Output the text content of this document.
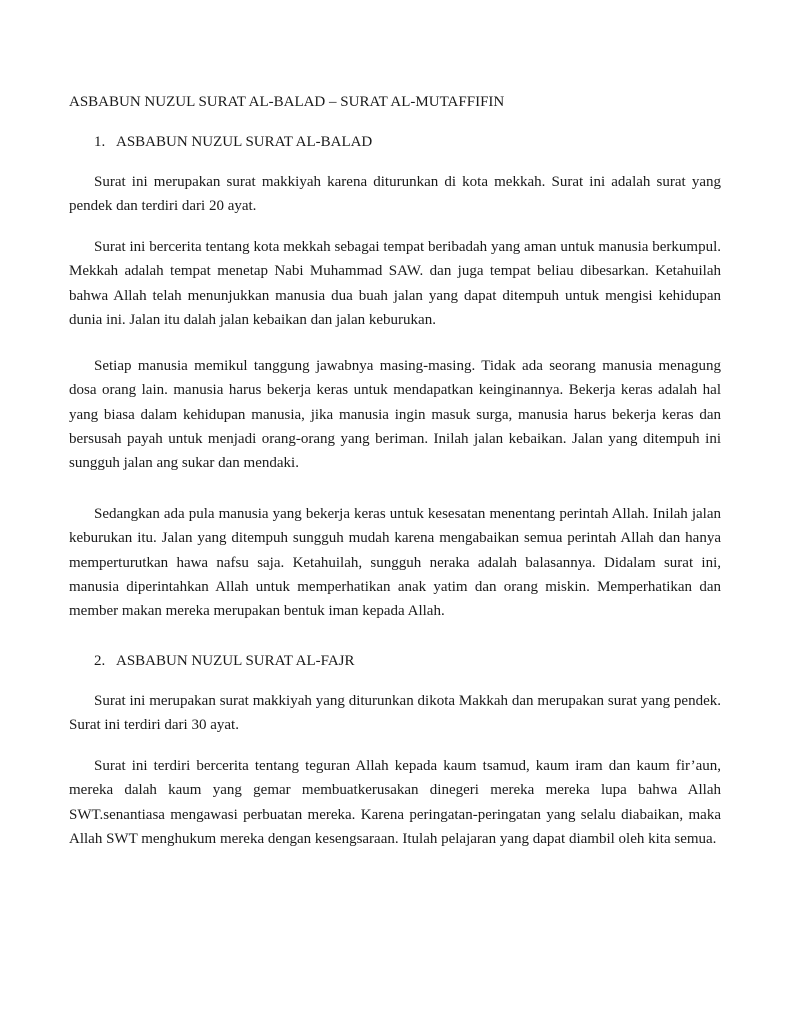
ASBABUN NUZUL SURAT AL-BALAD – SURAT AL-MUTAFFIFIN
1. ASBABUN NUZUL SURAT AL-BALAD

Surat ini merupakan surat makkiyah karena diturunkan di kota mekkah. Surat ini adalah surat yang pendek dan terdiri dari 20 ayat.

Surat ini bercerita tentang kota mekkah sebagai tempat beribadah yang aman untuk manusia berkumpul. Mekkah adalah tempat menetap Nabi Muhammad SAW. dan juga tempat beliau dibesarkan. Ketahuilah bahwa Allah telah menunjukkan manusia dua buah jalan yang dapat ditempuh untuk mengisi kehidupan dunia ini. Jalan itu dalah jalan kebaikan dan jalan keburukan.

Setiap manusia memikul tanggung jawabnya masing-masing. Tidak ada seorang manusia menagung dosa orang lain. manusia harus bekerja keras untuk mendapatkan keinginannya. Bekerja keras adalah hal yang biasa dalam kehidupan manusia, jika manusia ingin masuk surga, manusia harus bekerja keras dan bersusah payah untuk menjadi orang-orang yang beriman. Inilah jalan kebaikan. Jalan yang ditempuh ini sungguh jalan ang sukar dan mendaki.

Sedangkan ada pula manusia yang bekerja keras untuk kesesatan menentang perintah Allah. Inilah jalan keburukan itu. Jalan yang ditempuh sungguh mudah karena mengabaikan semua perintah Allah dan hanya memperturutkan hawa nafsu saja. Ketahuilah, sungguh neraka adalah balasannya. Didalam surat ini, manusia diperintahkan Allah untuk memperhatikan anak yatim dan orang miskin. Memperhatikan dan member makan mereka merupakan bentuk iman kepada Allah.

2. ASBABUN NUZUL SURAT AL-FAJR

Surat ini merupakan surat makkiyah yang diturunkan dikota Makkah dan merupakan surat yang pendek. Surat ini terdiri dari 30 ayat.

Surat ini terdiri bercerita tentang teguran Allah kepada kaum tsamud, kaum iram dan kaum fir’aun, mereka dalah kaum yang gemar membuatkerusakan dinegeri mereka mereka lupa bahwa Allah SWT.senantiasa mengawasi perbuatan mereka. Karena peringatan-peringatan yang selalu diabaikan, maka Allah SWT menghukum mereka dengan kesengsaraan. Itulah pelajaran yang dapat diambil oleh kita semua.
